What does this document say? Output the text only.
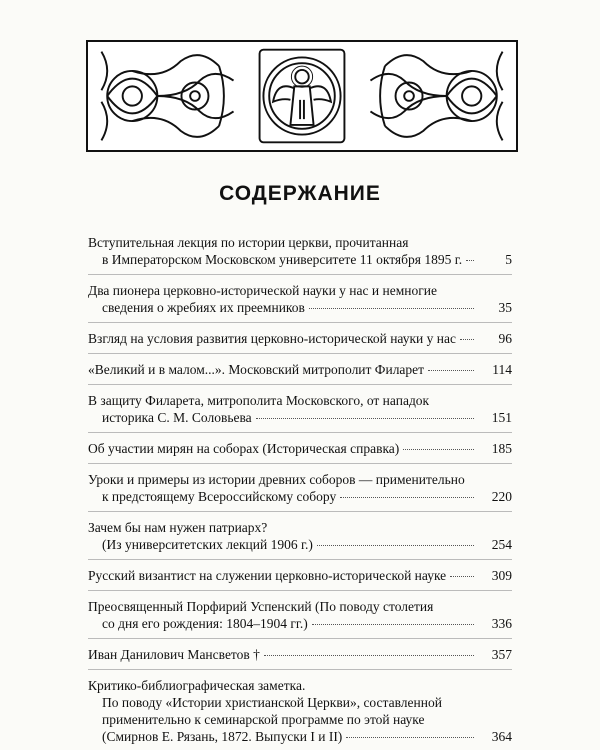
СОДЕРЖАНИЕ
Вступительная лекция по истории церкви, прочитанная
в Императорском Московском университете 11 октября 1895 г.	5
Два пионера церковно-исторической науки у нас и немногие
сведения о жребиях их преемников	35
Взгляд на условия развития церковно-исторической науки у нас	96
«Великий и в малом...». Московский митрополит Филарет	114
В защиту Филарета, митрополита Московского, от нападок
историка С. М. Соловьева	151
Об участии мирян на соборах (Историческая справка)	185
Уроки и примеры из истории древних соборов — применительно
к предстоящему Всероссийскому собору	220
Зачем бы нам нужен патриарх?
(Из университетских лекций 1906 г.)	254
Русский византист на служении церковно-исторической науке	309
Преосвященный Порфирий Успенский (По поводу столетия
со дня его рождения: 1804–1904 гг.)	336
Иван Данилович Мансветов †	357
Критико-библиографическая заметка.
По поводу «Истории христианской Церкви», составленной
применительно к семинарской программе по этой науке
(Смирнов Е. Рязань, 1872. Выпуски I и II)	364
